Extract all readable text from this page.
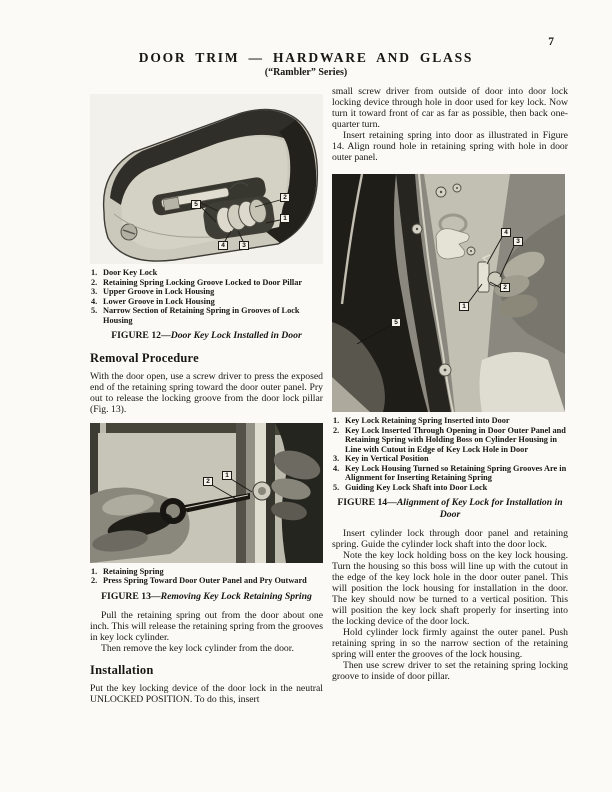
7
DOOR TRIM — HARDWARE AND GLASS
(“Rambler” Series)
2
1
5
4	3
1. Door Key Lock
2. Retaining Spring Locking Groove Locked to Door Pillar
3. Upper Groove in Lock Housing
4. Lower Groove in Lock Housing
5. Narrow Section of Retaining Spring in Grooves of Lock Housing
FIGURE 12—Door Key Lock Installed in Door
Removal Procedure

With the door open, use a screw driver to press the exposed end of the retaining spring toward the door outer panel. Pry out to release the locking groove from the door lock pillar (Fig. 13).

2
1
1. Retaining Spring
2. Press Spring Toward Door Outer Panel and Pry Outward
FIGURE 13—Removing Key Lock Retaining Spring

Pull the retaining spring out from the door about one inch. This will release the retaining spring from the grooves in key lock cylinder.

Then remove the key lock cylinder from the door.

Installation

Put the key locking device of the door lock in the neutral UNLOCKED POSITION. To do this, insert

small screw driver from outside of door into door lock locking device through hole in door used for key lock. Now turn it toward front of car as far as possible, then back one-quarter turn.

Insert retaining spring into door as illustrated in Figure 14. Align round hole in retaining spring with hole in door outer panel.

4
3
2
1
5
1. Key Lock Retaining Spring Inserted into Door
2. Key Lock Inserted Through Opening in Door Outer Panel and Retaining Spring with Holding Boss on Cylinder Housing in Line with Cutout in Edge of Key Lock Hole in Door
3. Key in Vertical Position
4. Key Lock Housing Turned so Retaining Spring Grooves Are in Alignment for Inserting Retaining Spring
5. Guiding Key Lock Shaft into Door Lock
FIGURE 14—Alignment of Key Lock for Installation in Door

Insert cylinder lock through door panel and retaining spring. Guide the cylinder lock shaft into the door lock.

Note the key lock holding boss on the key lock housing. Turn the housing so this boss will line up with the cutout in the edge of the key lock hole in the door outer panel. This will position the lock housing for installation in the door. The key should now be turned to a vertical position. This will position the key lock shaft properly for inserting into the locking device of the door lock.

Hold cylinder lock firmly against the outer panel. Push retaining spring in so the narrow section of the retaining spring will enter the grooves of the lock housing.

Then use screw driver to set the retaining spring locking groove to inside of door pillar.
